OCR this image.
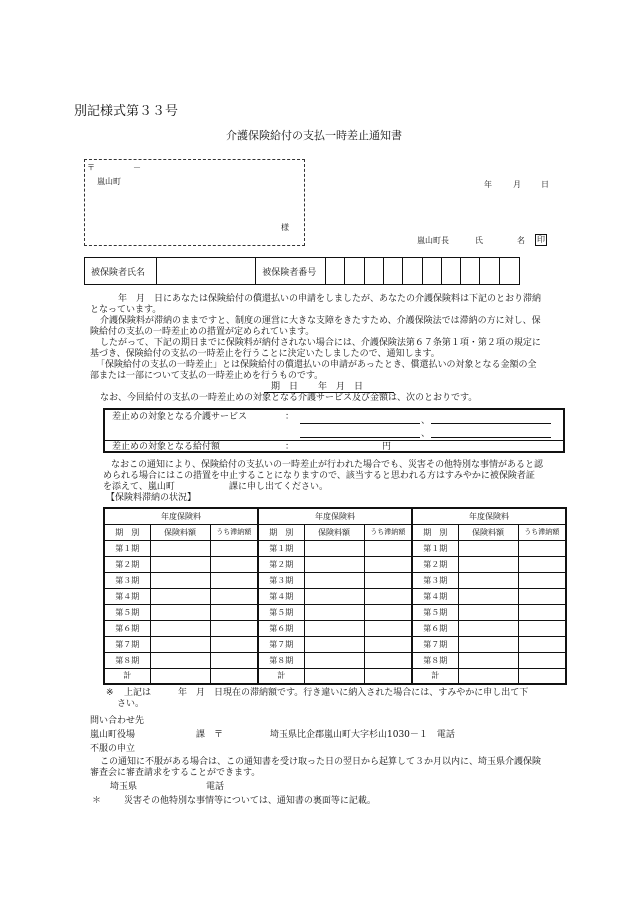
別記様式第３３号
介護保険給付の支払一時差止通知書
〒	－
嵐山町
様
年	月	日
嵐山町長	氏	名 印
被保険者氏名	被保険者番号
年　月　日にあなたは保険給付の償還払いの申請をしましたが、あなたの介護保険料は下記のとおり滞納
となっています。
介護保険料が滞納のままですと、制度の運営に大きな支障をきたすため、介護保険法では滞納の方に対し、保
険給付の支払の一時差止めの措置が定められています。
したがって、下記の期日までに保険料が納付されない場合には、介護保険法第６７条第１項・第２項の規定に
基づき、保険給付の支払の一時差止を行うことに決定いたしましたので、通知します。
「保険給付の支払の一時差止」とは保険給付の償還払いの申請があったとき、償還払いの対象となる金額の全
部または一部について支払の一時差止めを行うものです。
期　日 年　月　日
なお、今回給付の支払の一時差止めの対象となる介護サービス及び金額は、次のとおりです。
差止めの対象となる介護サービス	：	、
、
差止めの対象となる給付額	：	円
なおこの通知により、保険給付の支払いの一時差止が行われた場合でも、災害その他特別な事情があると認
められる場合にはこの措置を中止することになりますので、該当すると思われる方はすみやかに被保険者証
を添えて、嵐山町	課に申し出てください。
【保険料滞納の状況】
年度保険料			年度保険料			年度保険料		
期　別	保険料額	うち滞納額	期　別	保険料額	うち滞納額	期　別	保険料額	うち滞納額
第１期			第１期			第１期		
第２期			第２期			第２期		
第３期			第３期			第３期		
第４期			第４期			第４期		
第５期			第５期			第５期		
第６期			第６期			第６期		
第７期			第７期			第７期		
第８期			第８期			第８期		
計			計			計		
※ 上記は　　　年　月　日現在の滞納額です。行き違いに納入された場合には、すみやかに申し出て下
さい。
問い合わせ先
嵐山町役場	課　〒	埼玉県比企郡嵐山町大字杉山1030－１　電話
不服の申立
この通知に不服がある場合は、この通知書を受け取った日の翌日から起算して３か月以内に、埼玉県介護保険
審査会に審査請求をすることができます。
埼玉県	電話
＊	災害その他特別な事情等については、通知書の裏面等に記載。
